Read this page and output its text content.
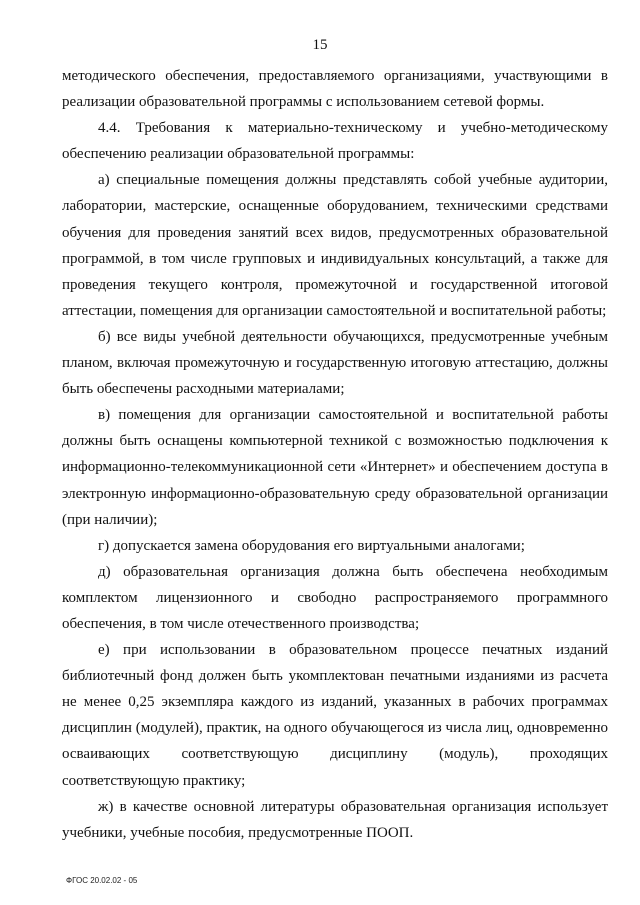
15

методического обеспечения, предоставляемого организациями, участвующими в реализации образовательной программы с использованием сетевой формы.

4.4. Требования к материально-техническому и учебно-методическому обеспечению реализации образовательной программы:

а) специальные помещения должны представлять собой учебные аудитории, лаборатории, мастерские, оснащенные оборудованием, техническими средствами обучения для проведения занятий всех видов, предусмотренных образовательной программой, в том числе групповых и индивидуальных консультаций, а также для проведения текущего контроля, промежуточной и государственной итоговой аттестации, помещения для организации самостоятельной и воспитательной работы;

б) все виды учебной деятельности обучающихся, предусмотренные учебным планом, включая промежуточную и государственную итоговую аттестацию, должны быть обеспечены расходными материалами;

в) помещения для организации самостоятельной и воспитательной работы должны быть оснащены компьютерной техникой с возможностью подключения к информационно-телекоммуникационной сети «Интернет» и обеспечением доступа в электронную информационно-образовательную среду образовательной организации (при наличии);

г) допускается замена оборудования его виртуальными аналогами;

д) образовательная организация должна быть обеспечена необходимым комплектом лицензионного и свободно распространяемого программного обеспечения, в том числе отечественного производства;

е) при использовании в образовательном процессе печатных изданий библиотечный фонд должен быть укомплектован печатными изданиями из расчета не менее 0,25 экземпляра каждого из изданий, указанных в рабочих программах дисциплин (модулей), практик, на одного обучающегося из числа лиц, одновременно осваивающих соответствующую дисциплину (модуль), проходящих соответствующую практику;

ж) в качестве основной литературы образовательная организация использует учебники, учебные пособия, предусмотренные ПООП.

ФГОС 20.02.02 - 05
